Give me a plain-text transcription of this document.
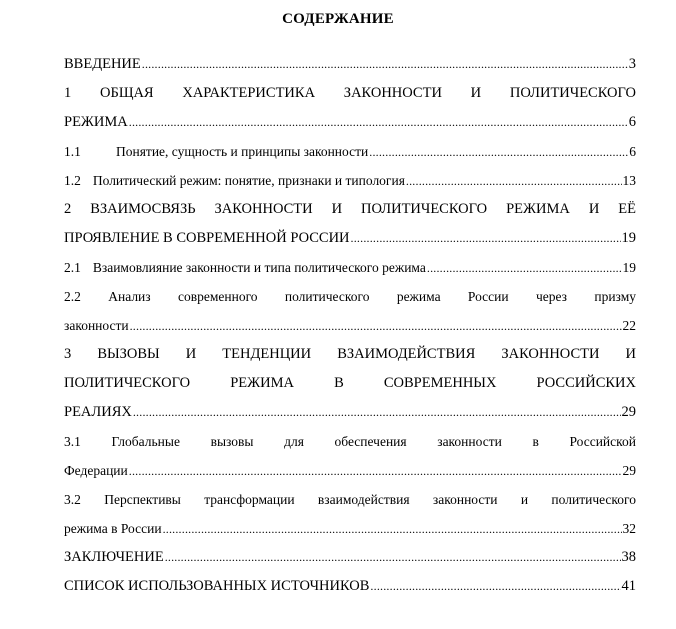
СОДЕРЖАНИЕ
ВВЕДЕНИЕ .....	3
1 ОБЩАЯ ХАРАКТЕРИСТИКА ЗАКОННОСТИ И ПОЛИТИЧЕСКОГО
РЕЖИМА .....	6
1.1	Понятие, сущность и принципы законности .....	6
1.2 Политический режим: понятие, признаки и типология .....	13
2 ВЗАИМОСВЯЗЬ ЗАКОННОСТИ И ПОЛИТИЧЕСКОГО РЕЖИМА И ЕЁ
ПРОЯВЛЕНИЕ В СОВРЕМЕННОЙ РОССИИ .....	19
2.1 Взаимовлияние законности и типа политического режима .....	19
2.2 Анализ современного политического режима России через призму
законности .....	22
3 ВЫЗОВЫ И ТЕНДЕНЦИИ ВЗАИМОДЕЙСТВИЯ ЗАКОННОСТИ И
ПОЛИТИЧЕСКОГО РЕЖИМА В СОВРЕМЕННЫХ РОССИЙСКИХ
РЕАЛИЯХ .....	29
3.1 Глобальные вызовы для обеспечения законности в Российской
Федерации .....	29
3.2 Перспективы трансформации взаимодействия законности и политического
режима в России .....	32
ЗАКЛЮЧЕНИЕ .....	38
СПИСОК ИСПОЛЬЗОВАННЫХ ИСТОЧНИКОВ .....	41
